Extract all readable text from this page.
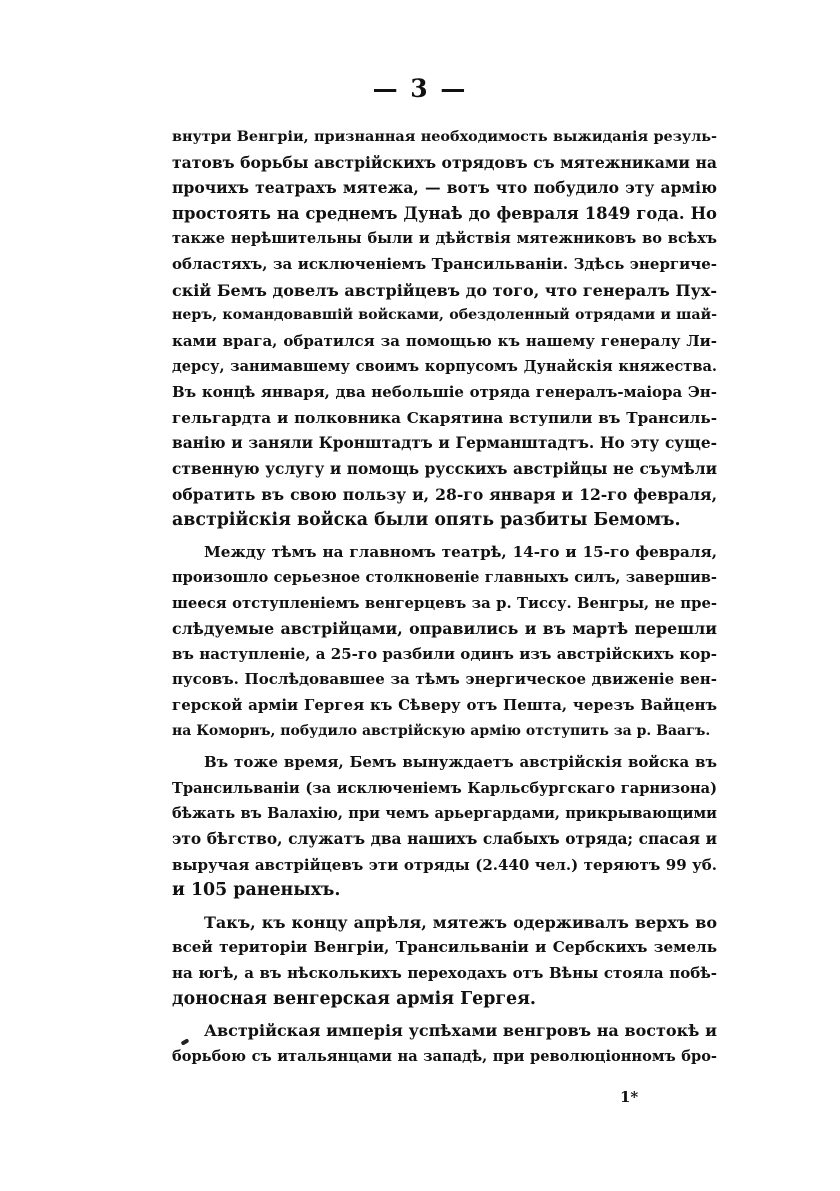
— 3 —
внутри Венгріи, признанная необходимость выжиданія резуль-
татовъ борьбы австрійскихъ отрядовъ съ мятежниками на
прочихъ театрахъ мятежа, — вотъ что побудило эту армію
простоять на среднемъ Дунаѣ до февраля 1849 года. Но
также нерѣшительны были и дѣйствія мятежниковъ во всѣхъ
областяхъ, за исключеніемъ Трансильваніи. Здѣсь энергиче-
скій Бемъ довелъ австрійцевъ до того, что генералъ Пух-
неръ, командовавшій войсками, обездоленный отрядами и шай-
ками врага, обратился за помощью къ нашему генералу Ли-
дерсу, занимавшему своимъ корпусомъ Дунайскія княжества.
Въ концѣ января, два небольшіе отряда генералъ-маіора Эн-
гельгардта и полковника Скарятина вступили въ Трансиль-
ванію и заняли Кронштадтъ и Германштадтъ. Но эту суще-
ственную услугу и помощь русскихъ австрійцы не съумѣли
обратить въ свою пользу и, 28-го января и 12-го февраля,
австрійскія войска были опять разбиты Бемомъ.
Между тѣмъ на главномъ театрѣ, 14-го и 15-го февраля,
произошло серьезное столкновеніе главныхъ силъ, завершив-
шееся отступленіемъ венгерцевъ за р. Тиссу. Венгры, не пре-
слѣдуемые австрійцами, оправились и въ мартѣ перешли
въ наступленіе, а 25-го разбили одинъ изъ австрійскихъ кор-
пусовъ. Послѣдовавшее за тѣмъ энергическое движеніе вен-
герской арміи Гергея къ Сѣверу отъ Пешта, черезъ Вайценъ
на Коморнъ, побудило австрійскую армію отступить за р. Ваагъ.
Въ тоже время, Бемъ вынуждаетъ австрійскія войска въ
Трансильваніи (за исключеніемъ Карльсбургскаго гарнизона)
бѣжать въ Валахію, при чемъ арьергардами, прикрывающими
это бѣгство, служатъ два нашихъ слабыхъ отряда; спасая и
выручая австрійцевъ эти отряды (2.440 чел.) теряютъ 99 уб.
и 105 раненыхъ.
Такъ, къ концу апрѣля, мятежъ одерживалъ верхъ во
всей територіи Венгріи, Трансильваніи и Сербскихъ земель
на югѣ, а въ нѣсколькихъ переходахъ отъ Вѣны стояла побѣ-
доносная венгерская армія Гергея.
Австрійская имперія успѣхами венгровъ на востокѣ и
борьбою съ итальянцами на западѣ, при революціонномъ бро-
1*
